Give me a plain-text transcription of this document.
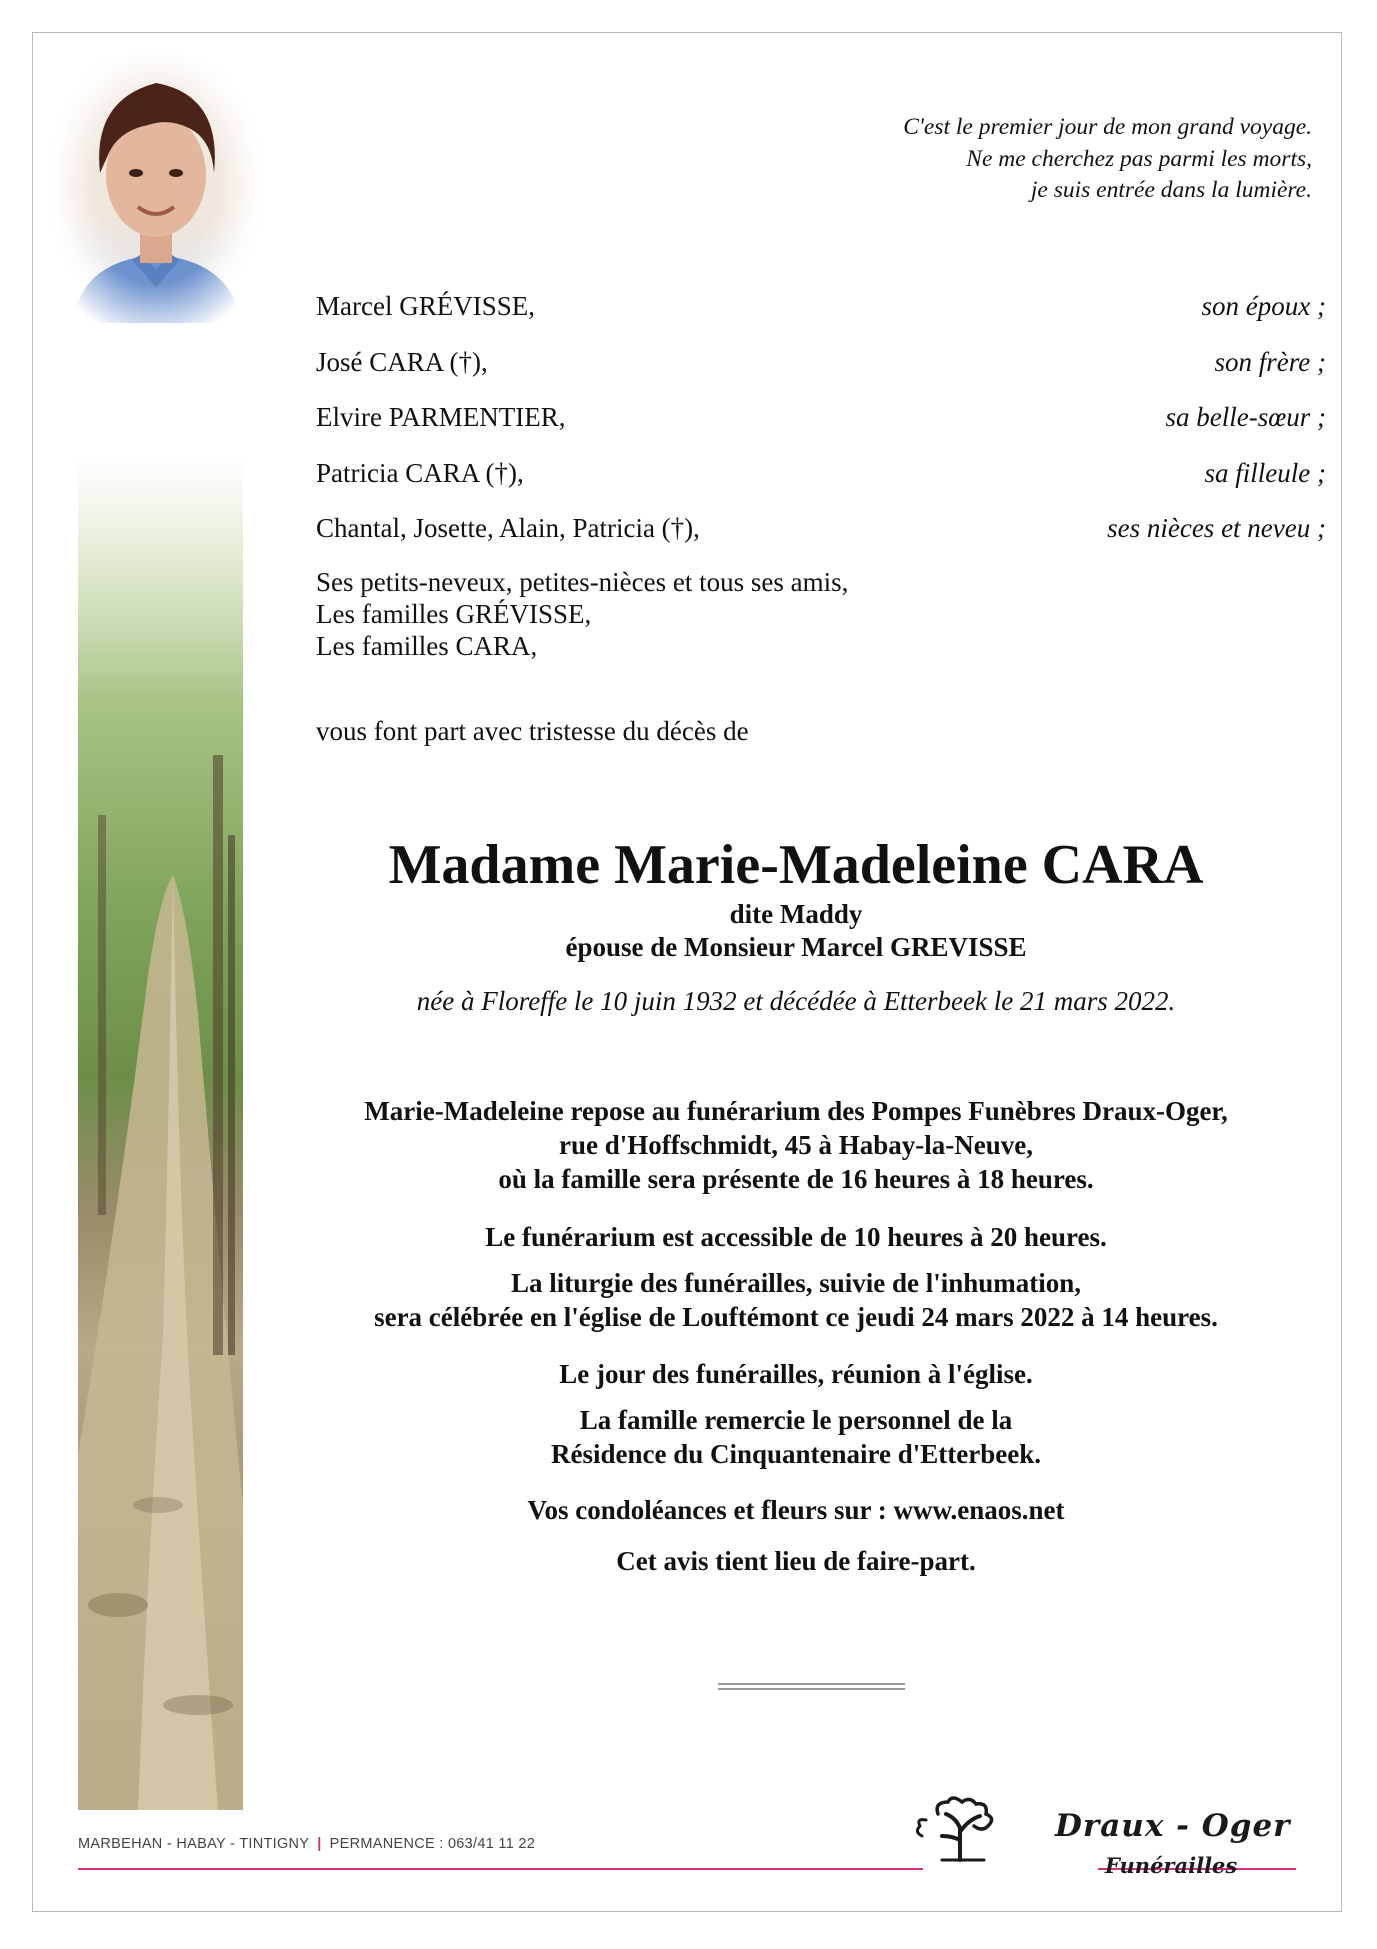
C'est le premier jour de mon grand voyage.
Ne me cherchez pas parmi les morts,
je suis entrée dans la lumière.
Marcel GRÉVISSE,	son époux ;
José CARA (†),	son frère ;
Elvire PARMENTIER,	sa belle-sœur ;
Patricia CARA (†),	sa filleule ;
Chantal, Josette, Alain, Patricia (†),	ses nièces et neveu ;
Ses petits-neveux, petites-nièces et tous ses amis,
Les familles GRÉVISSE,
Les familles CARA,
vous font part avec tristesse du décès de
Madame Marie-Madeleine CARA
dite Maddy
épouse de Monsieur Marcel GREVISSE
née à Floreffe le 10 juin 1932 et décédée à Etterbeek le 21 mars 2022.

Marie-Madeleine repose au funérarium des Pompes Funèbres Draux-Oger,

rue d'Hoffschmidt, 45 à Habay-la-Neuve,

où la famille sera présente de 16 heures à 18 heures.

Le funérarium est accessible de 10 heures à 20 heures.

La liturgie des funérailles, suivie de l'inhumation,

sera célébrée en l'église de Louftémont ce jeudi 24 mars 2022 à 14 heures.

Le jour des funérailles, réunion à l'église.

La famille remercie le personnel de la

Résidence du Cinquantenaire d'Etterbeek.

Vos condoléances et fleurs sur : www.enaos.net

Cet avis tient lieu de faire-part.

MARBEHAN - HABAY - TINTIGNY | PERMANENCE : 063/41 11 22	Draux - Oger
Funérailles
